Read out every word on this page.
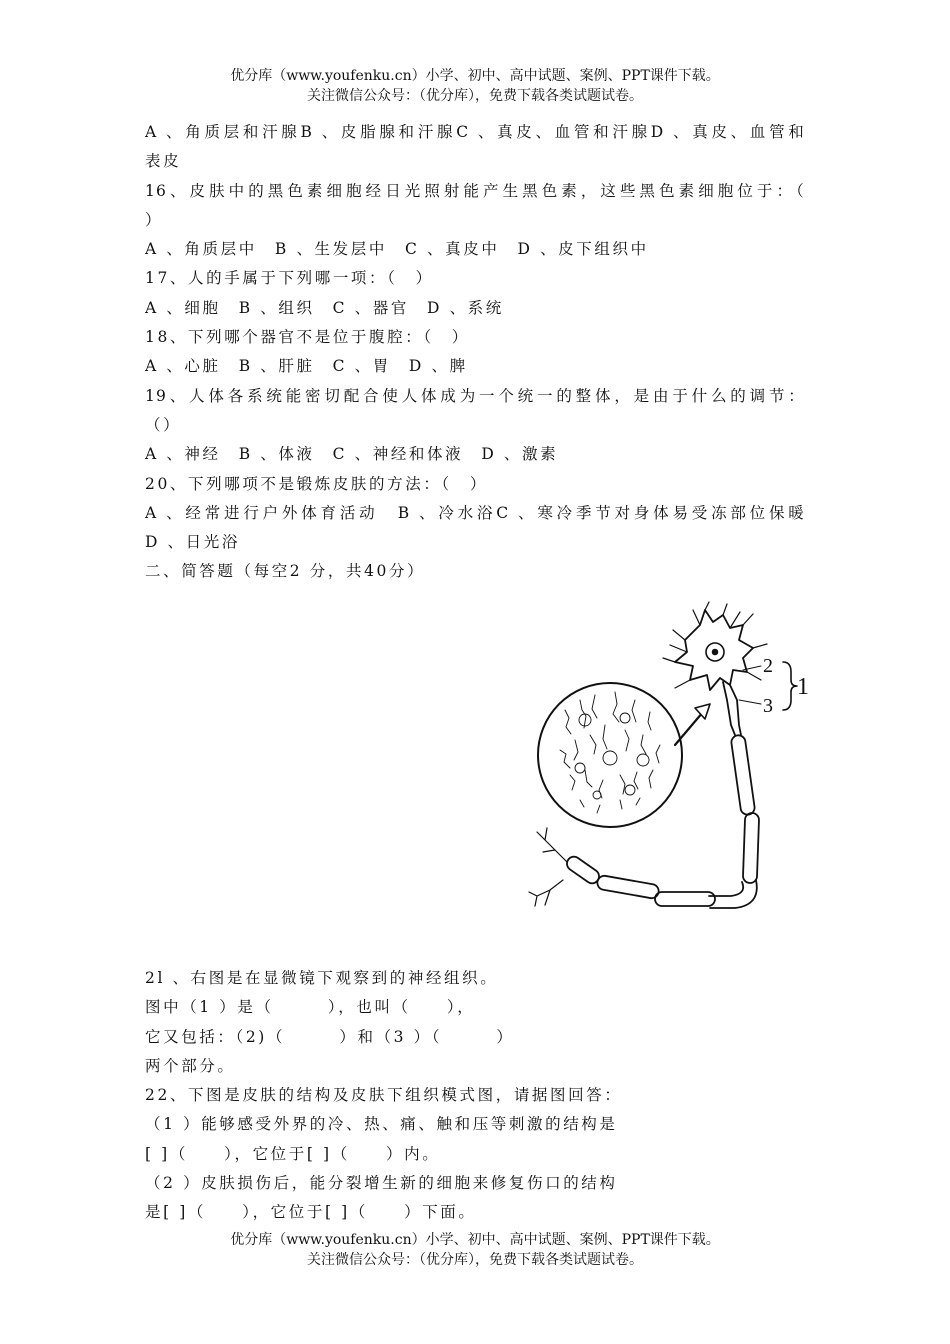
优分库（www.youfenku.cn）小学、初中、高中试题、案例、PPT课件下载。
关注微信公众号：（优分库），免费下载各类试题试卷。
A 、角质层和汗腺B 、皮脂腺和汗腺C 、真皮、血管和汗腺D 、真皮、血管和
表皮
16、皮肤中的黑色素细胞经日光照射能产生黑色素，这些黑色素细胞位于：（
）
A 、角质层中　B 、生发层中　C 、真皮中　D 、皮下组织中
17、人的手属于下列哪一项：（　）
A 、细胞　B 、组织　C 、器官　D 、系统
18、下列哪个器官不是位于腹腔：（　）
A 、心脏　B 、肝脏　C 、胃　D 、脾
19、人体各系统能密切配合使人体成为一个统一的整体，是由于什么的调节：
（）
A 、神经　B 、体液　C 、神经和体液　D 、激素
20、下列哪项不是锻炼皮肤的方法：（　）
A 、经常进行户外体育活动　B 、冷水浴C 、寒冷季节对身体易受冻部位保暖
D 、日光浴
二、简答题（每空2 分，共40分）
2
3
1
2l 、右图是在显微镜下观察到的神经组织。
图中（1 ）是（　　　），也叫（　　），
它又包括：（2)（　　　）和（3 ）（　　　）
两个部分。
22、下图是皮肤的结构及皮肤下组织模式图，请据图回答：
（1 ）能够感受外界的冷、热、痛、触和压等刺激的结构是
[ ]（　　），它位于[ ]（　　）内。
（2 ）皮肤损伤后，能分裂增生新的细胞来修复伤口的结构
是[ ]（　　），它位于[ ]（　　）下面。
优分库（www.youfenku.cn）小学、初中、高中试题、案例、PPT课件下载。
关注微信公众号：（优分库），免费下载各类试题试卷。
